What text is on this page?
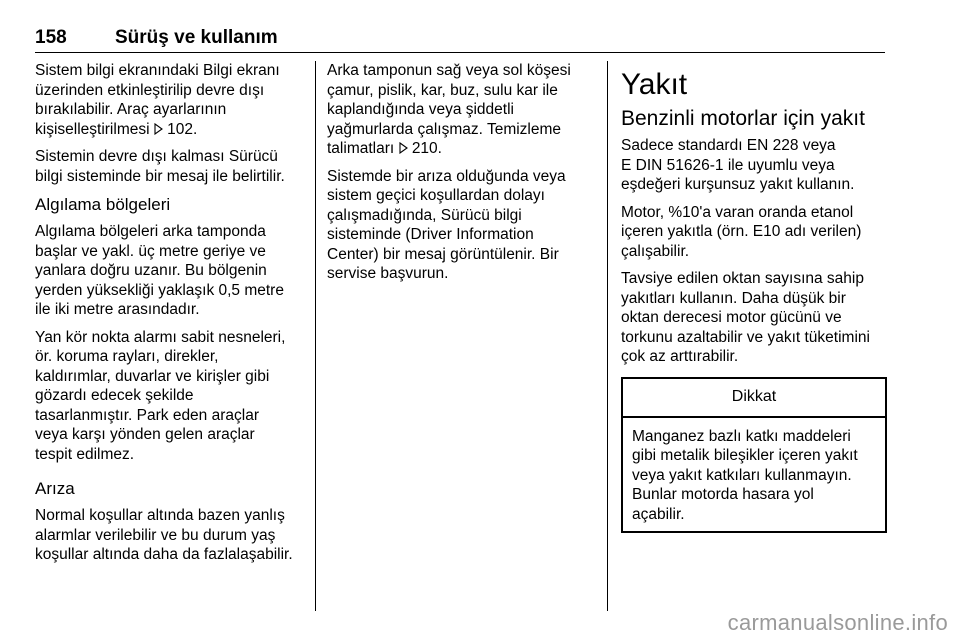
158	Sürüş ve kullanım

Sistem bilgi ekranındaki Bilgi ekranı
üzerinden etkinleştirilip devre dışı
bırakılabilir. Araç ayarlarının
kişiselleştirilmesi 102.

Sistemin devre dışı kalması Sürücü
bilgi sisteminde bir mesaj ile belirtilir.

Algılama bölgeleri

Algılama bölgeleri arka tamponda
başlar ve yakl. üç metre geriye ve
yanlara doğru uzanır. Bu bölgenin
yerden yüksekliği yaklaşık 0,5 metre
ile iki metre arasındadır.

Yan kör nokta alarmı sabit nesneleri,
ör. koruma rayları, direkler,
kaldırımlar, duvarlar ve kirişler gibi
gözardı edecek şekilde
tasarlanmıştır. Park eden araçlar
veya karşı yönden gelen araçlar
tespit edilmez.

Arıza

Normal koşullar altında bazen yanlış
alarmlar verilebilir ve bu durum yaş
koşullar altında daha da fazlalaşabilir.

Arka tamponun sağ veya sol köşesi
çamur, pislik, kar, buz, sulu kar ile
kaplandığında veya şiddetli
yağmurlarda çalışmaz. Temizleme
talimatları 210.

Sistemde bir arıza olduğunda veya
sistem geçici koşullardan dolayı
çalışmadığında, Sürücü bilgi
sisteminde (Driver Information
Center) bir mesaj görüntülenir. Bir
servise başvurun.

Yakıt
Benzinli motorlar için yakıt

Sadece standardı EN 228 veya
E DIN 51626-1 ile uyumlu veya
eşdeğeri kurşunsuz yakıt kullanın.

Motor, %10'a varan oranda etanol
içeren yakıtla (örn. E10 adı verilen)
çalışabilir.

Tavsiye edilen oktan sayısına sahip
yakıtları kullanın. Daha düşük bir
oktan derecesi motor gücünü ve
torkunu azaltabilir ve yakıt tüketimini
çok az arttırabilir.

Dikkat
Manganez bazlı katkı maddeleri
gibi metalik bileşikler içeren yakıt
veya yakıt katkıları kullanmayın.
Bunlar motorda hasara yol
açabilir.
carmanualsonline.info
